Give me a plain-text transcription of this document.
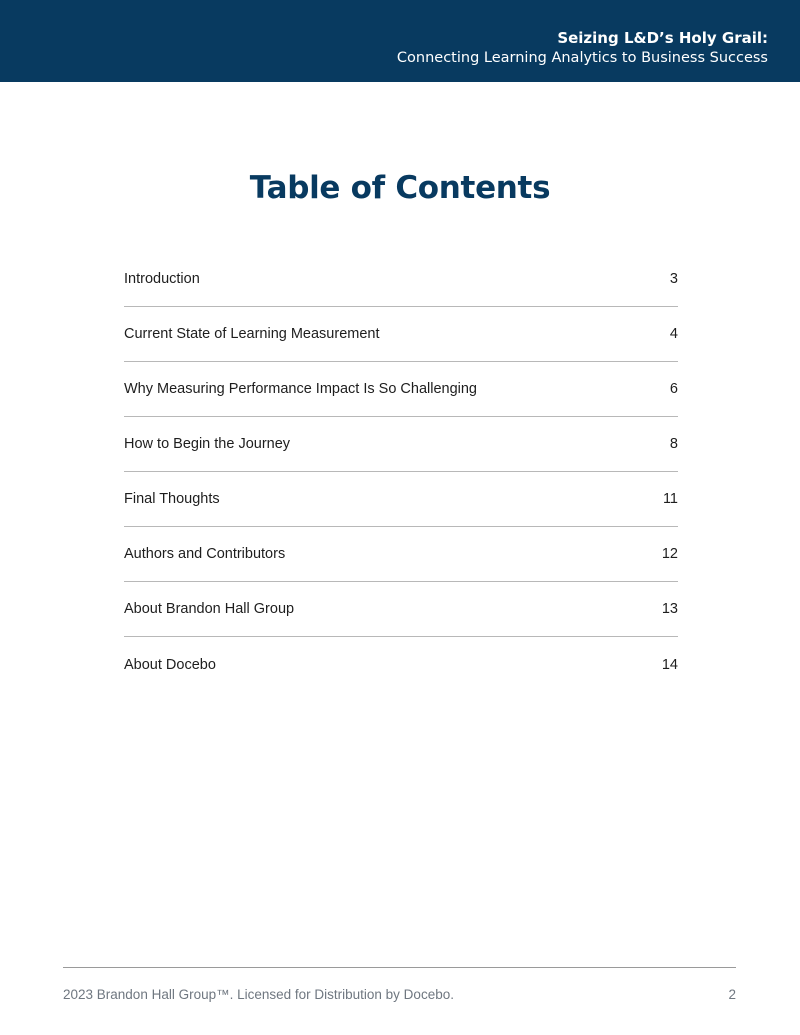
Seizing L&D’s Holy Grail:
Connecting Learning Analytics to Business Success
Table of Contents
Introduction	3
Current State of Learning Measurement	4
Why Measuring Performance Impact Is So Challenging	6
How to Begin the Journey	8
Final Thoughts	11
Authors and Contributors	12
About Brandon Hall Group	13
About Docebo	14
2023 Brandon Hall Group™. Licensed for Distribution by Docebo.	2
